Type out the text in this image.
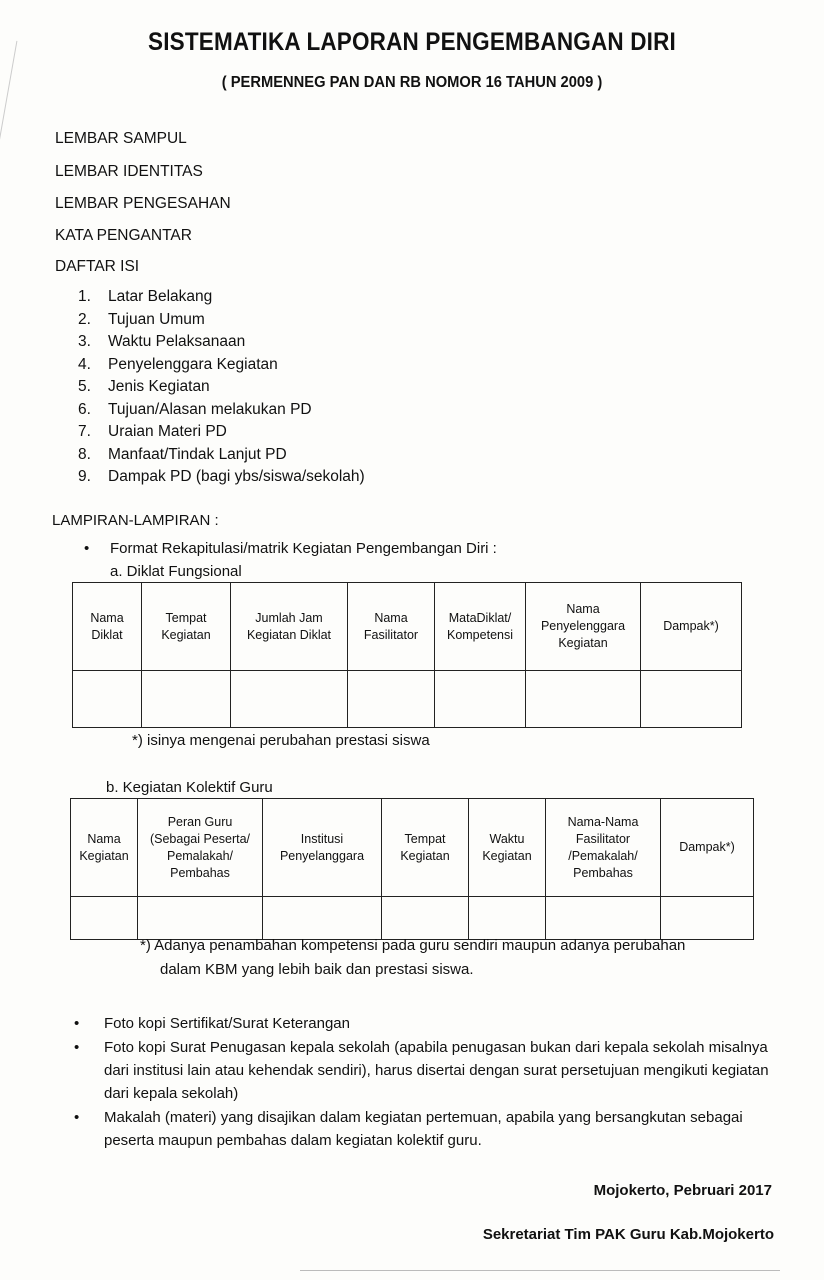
SISTEMATIKA LAPORAN PENGEMBANGAN DIRI
( PERMENNEG PAN DAN RB NOMOR 16 TAHUN 2009 )
LEMBAR SAMPUL
LEMBAR IDENTITAS
LEMBAR PENGESAHAN
KATA PENGANTAR
DAFTAR ISI
1. Latar Belakang
2. Tujuan Umum
3. Waktu Pelaksanaan
4. Penyelenggara Kegiatan
5. Jenis Kegiatan
6. Tujuan/Alasan melakukan PD
7. Uraian Materi PD
8. Manfaat/Tindak Lanjut PD
9. Dampak PD (bagi ybs/siswa/sekolah)
LAMPIRAN-LAMPIRAN :
• Format Rekapitulasi/matrik Kegiatan Pengembangan Diri :
a. Diklat Fungsional
Nama Diklat	Tempat Kegiatan	Jumlah Jam Kegiatan Diklat	Nama Fasilitator	MataDiklat/ Kompetensi	Nama Penyelenggara Kegiatan	Dampak*)

*) isinya mengenai perubahan prestasi siswa
b. Kegiatan Kolektif Guru
Nama Kegiatan	Peran Guru (Sebagai Peserta/ Pemalakah/ Pembahas	Institusi Penyelanggara	Tempat Kegiatan	Waktu Kegiatan	Nama-Nama Fasilitator /Pemakalah/ Pembahas	Dampak*)

*) Adanya penambahan kompetensi pada guru sendiri maupun adanya perubahan
dalam KBM yang lebih baik dan prestasi siswa.
• Foto kopi Sertifikat/Surat Keterangan
• Foto kopi Surat Penugasan kepala sekolah (apabila penugasan bukan dari kepala sekolah misalnya dari institusi lain atau kehendak sendiri), harus disertai dengan surat persetujuan mengikuti kegiatan dari kepala sekolah)
• Makalah (materi) yang disajikan dalam kegiatan pertemuan, apabila yang bersangkutan sebagai peserta maupun pembahas dalam kegiatan kolektif guru.
Mojokerto, Pebruari 2017
Sekretariat Tim PAK Guru Kab.Mojokerto
